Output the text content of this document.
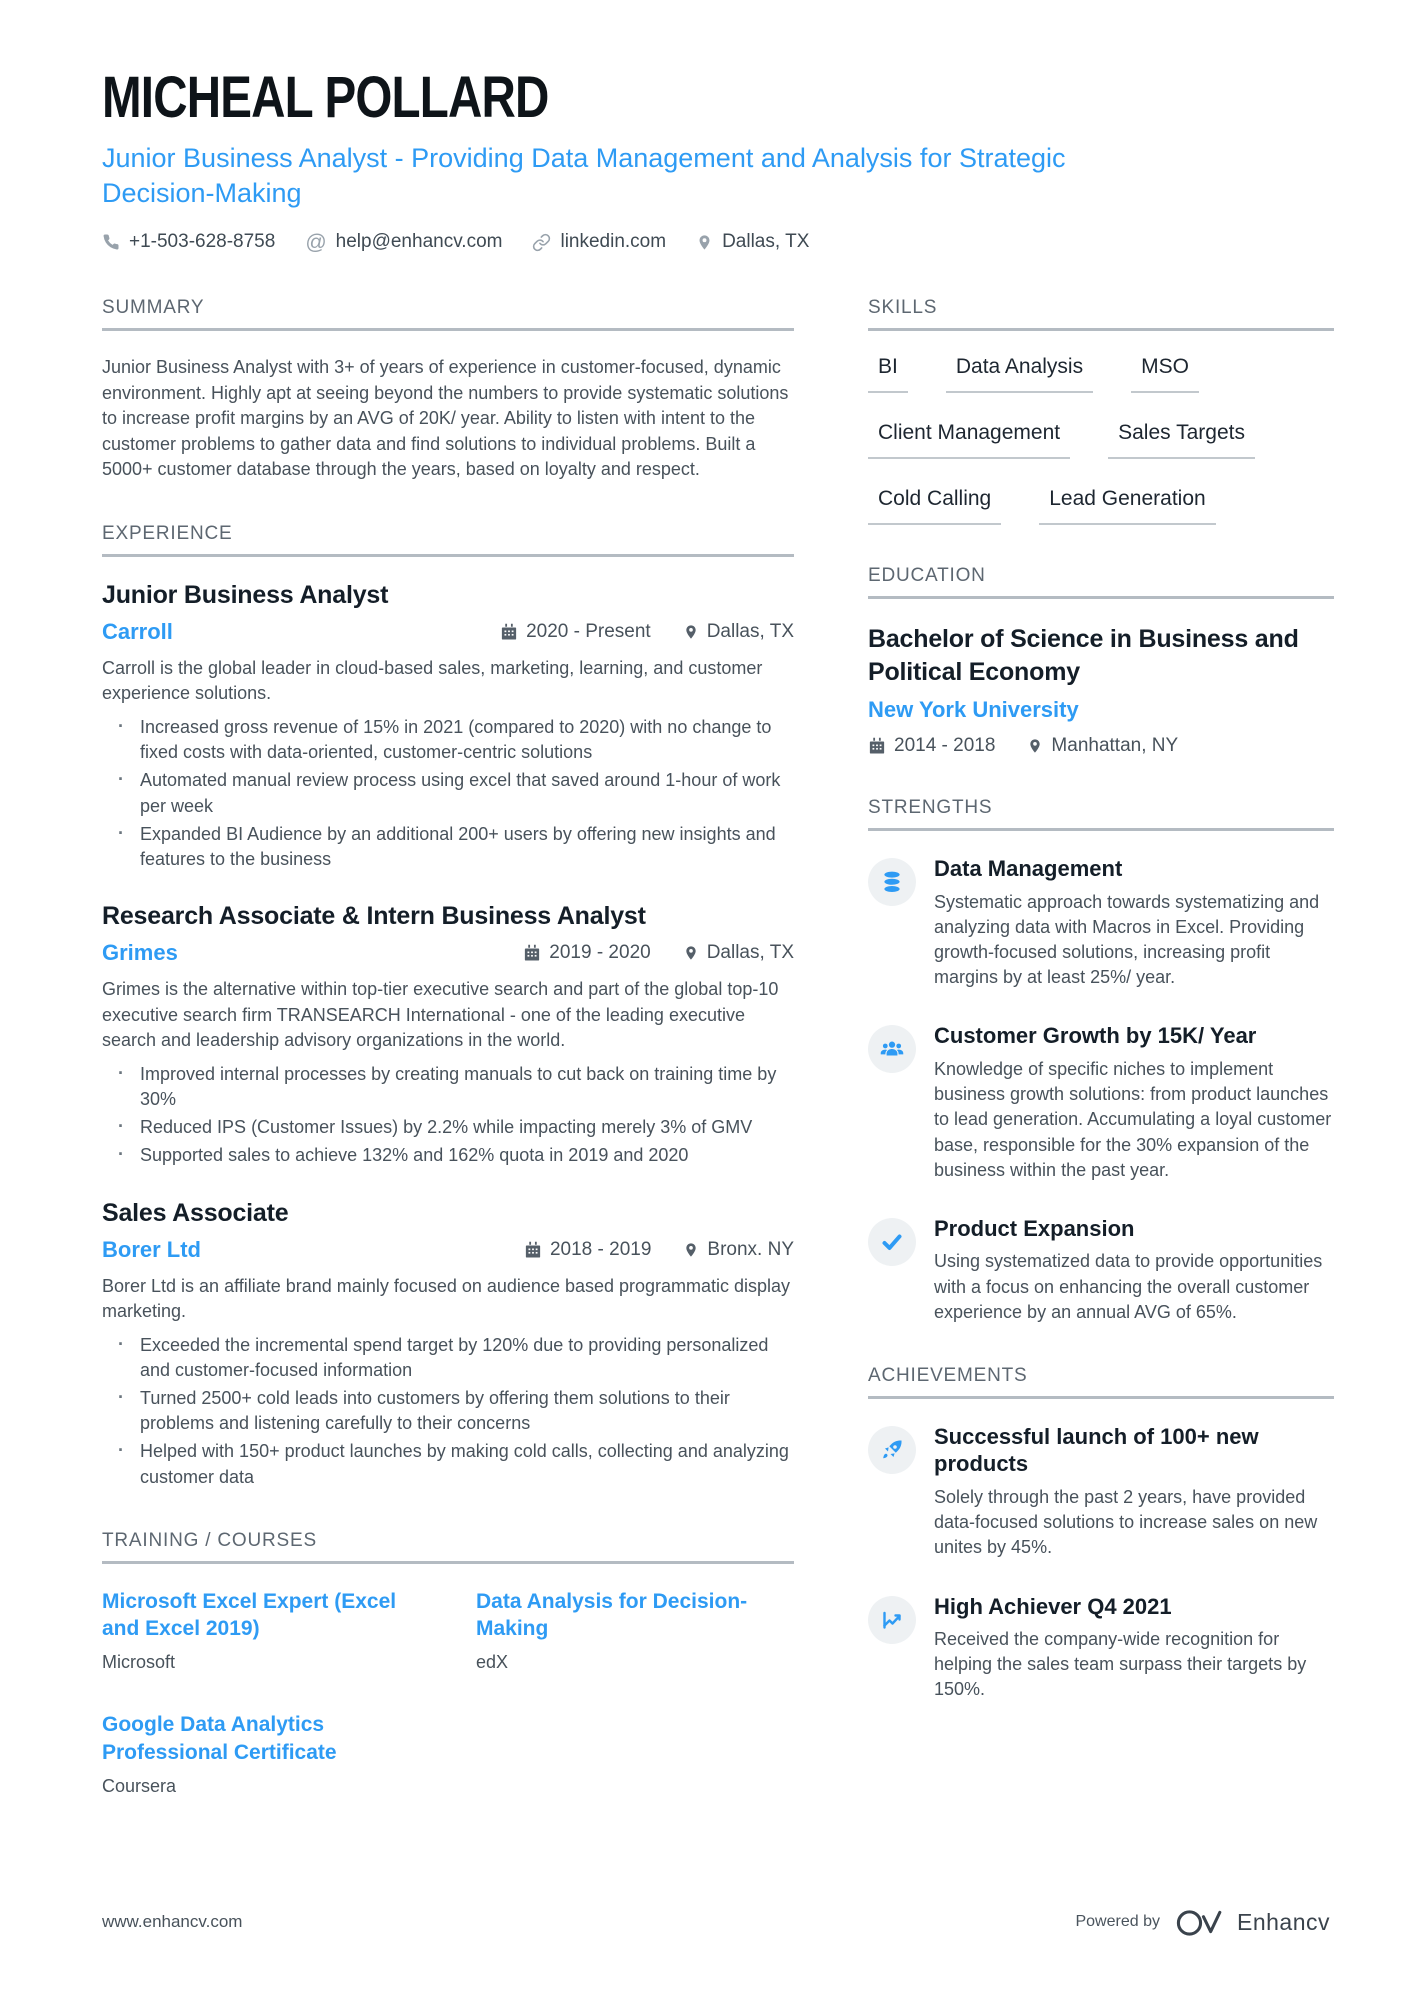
MICHEAL POLLARD
Junior Business Analyst - Providing Data Management and Analysis for Strategic Decision-Making
+1-503-628-8758 @ help@enhancv.com	linkedin.com	Dallas, TX
SUMMARY

Junior Business Analyst with 3+ of years of experience in customer-focused, dynamic environment. Highly apt at seeing beyond the numbers to provide systematic solutions to increase profit margins by an AVG of 20K/ year. Ability to listen with intent to the customer problems to gather data and find solutions to individual problems. Built a 5000+ customer database through the years, based on loyalty and respect.

EXPERIENCE
Junior Business Analyst
Carroll	2020 - Present	Dallas, TX

Carroll is the global leader in cloud-based sales, marketing, learning, and customer experience solutions.

· Increased gross revenue of 15% in 2021 (compared to 2020) with no change to fixed costs with data-oriented, customer-centric solutions
· Automated manual review process using excel that saved around 1-hour of work per week
· Expanded BI Audience by an additional 200+ users by offering new insights and features to the business
Research Associate & Intern Business Analyst
Grimes	2019 - 2020	Dallas, TX

Grimes is the alternative within top-tier executive search and part of the global top-10 executive search firm TRANSEARCH International - one of the leading executive search and leadership advisory organizations in the world.

· Improved internal processes by creating manuals to cut back on training time by 30%
· Reduced IPS (Customer Issues) by 2.2% while impacting merely 3% of GMV
· Supported sales to achieve 132% and 162% quota in 2019 and 2020
Sales Associate
Borer Ltd	2018 - 2019	Bronx. NY

Borer Ltd is an affiliate brand mainly focused on audience based programmatic display marketing.

· Exceeded the incremental spend target by 120% due to providing personalized and customer-focused information
· Turned 2500+ cold leads into customers by offering them solutions to their problems and listening carefully to their concerns
· Helped with 150+ product launches by making cold calls, collecting and analyzing customer data
TRAINING / COURSES
Microsoft Excel Expert (Excel and Excel 2019)
Microsoft
Data Analysis for Decision-Making
edX
Google Data Analytics Professional Certificate
Coursera
SKILLS
BI	Data Analysis	MSO
Client Management	Sales Targets
Cold Calling	Lead Generation
EDUCATION
Bachelor of Science in Business and Political Economy
New York University
2014 - 2018	Manhattan, NY
STRENGTHS
Data Management
Systematic approach towards systematizing and analyzing data with Macros in Excel. Providing growth-focused solutions, increasing profit margins by at least 25%/ year.
Customer Growth by 15K/ Year
Knowledge of specific niches to implement business growth solutions: from product launches to lead generation. Accumulating a loyal customer base, responsible for the 30% expansion of the business within the past year.
Product Expansion
Using systematized data to provide opportunities with a focus on enhancing the overall customer experience by an annual AVG of 65%.
ACHIEVEMENTS
Successful launch of 100+ new products
Solely through the past 2 years, have provided data-focused solutions to increase sales on new unites by 45%.
High Achiever Q4 2021
Received the company-wide recognition for helping the sales team surpass their targets by 150%.
www.enhancv.com	Powered by	Enhancv
